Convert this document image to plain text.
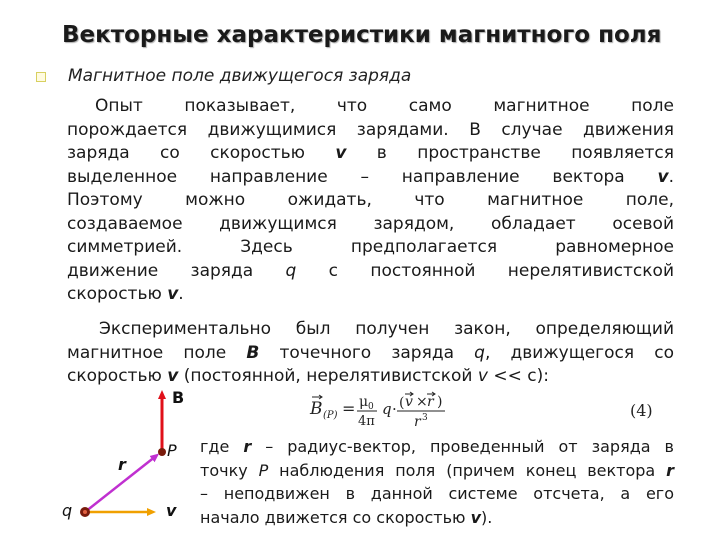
Векторные характеристики магнитного поля
Магнитное поле движущегося заряда
Опыт показывает, что само магнитное поле
порождается движущимися зарядами. В случае движения
заряда со скоростью v в пространстве появляется
выделенное направление – направление вектора v.
Поэтому можно ожидать, что магнитное поле,
создаваемое движущимся зарядом, обладает осевой
симметрией. Здесь предполагается равномерное
движение заряда q с постоянной нерелятивистской
скоростью v.
Экспериментально был получен закон, определяющий
магнитное поле B точечного заряда q, движущегося со
скоростью v (постоянной, нерелятивистской v << c):
B (P) = μ 0
4π
q · ( v × r )
r 3	(4)
B
P
r
q	v
где r – радиус-вектор, проведенный от заряда в
точку P наблюдения поля (причем конец вектора r
– неподвижен в данной системе отсчета, а его
начало движется со скоростью v).
